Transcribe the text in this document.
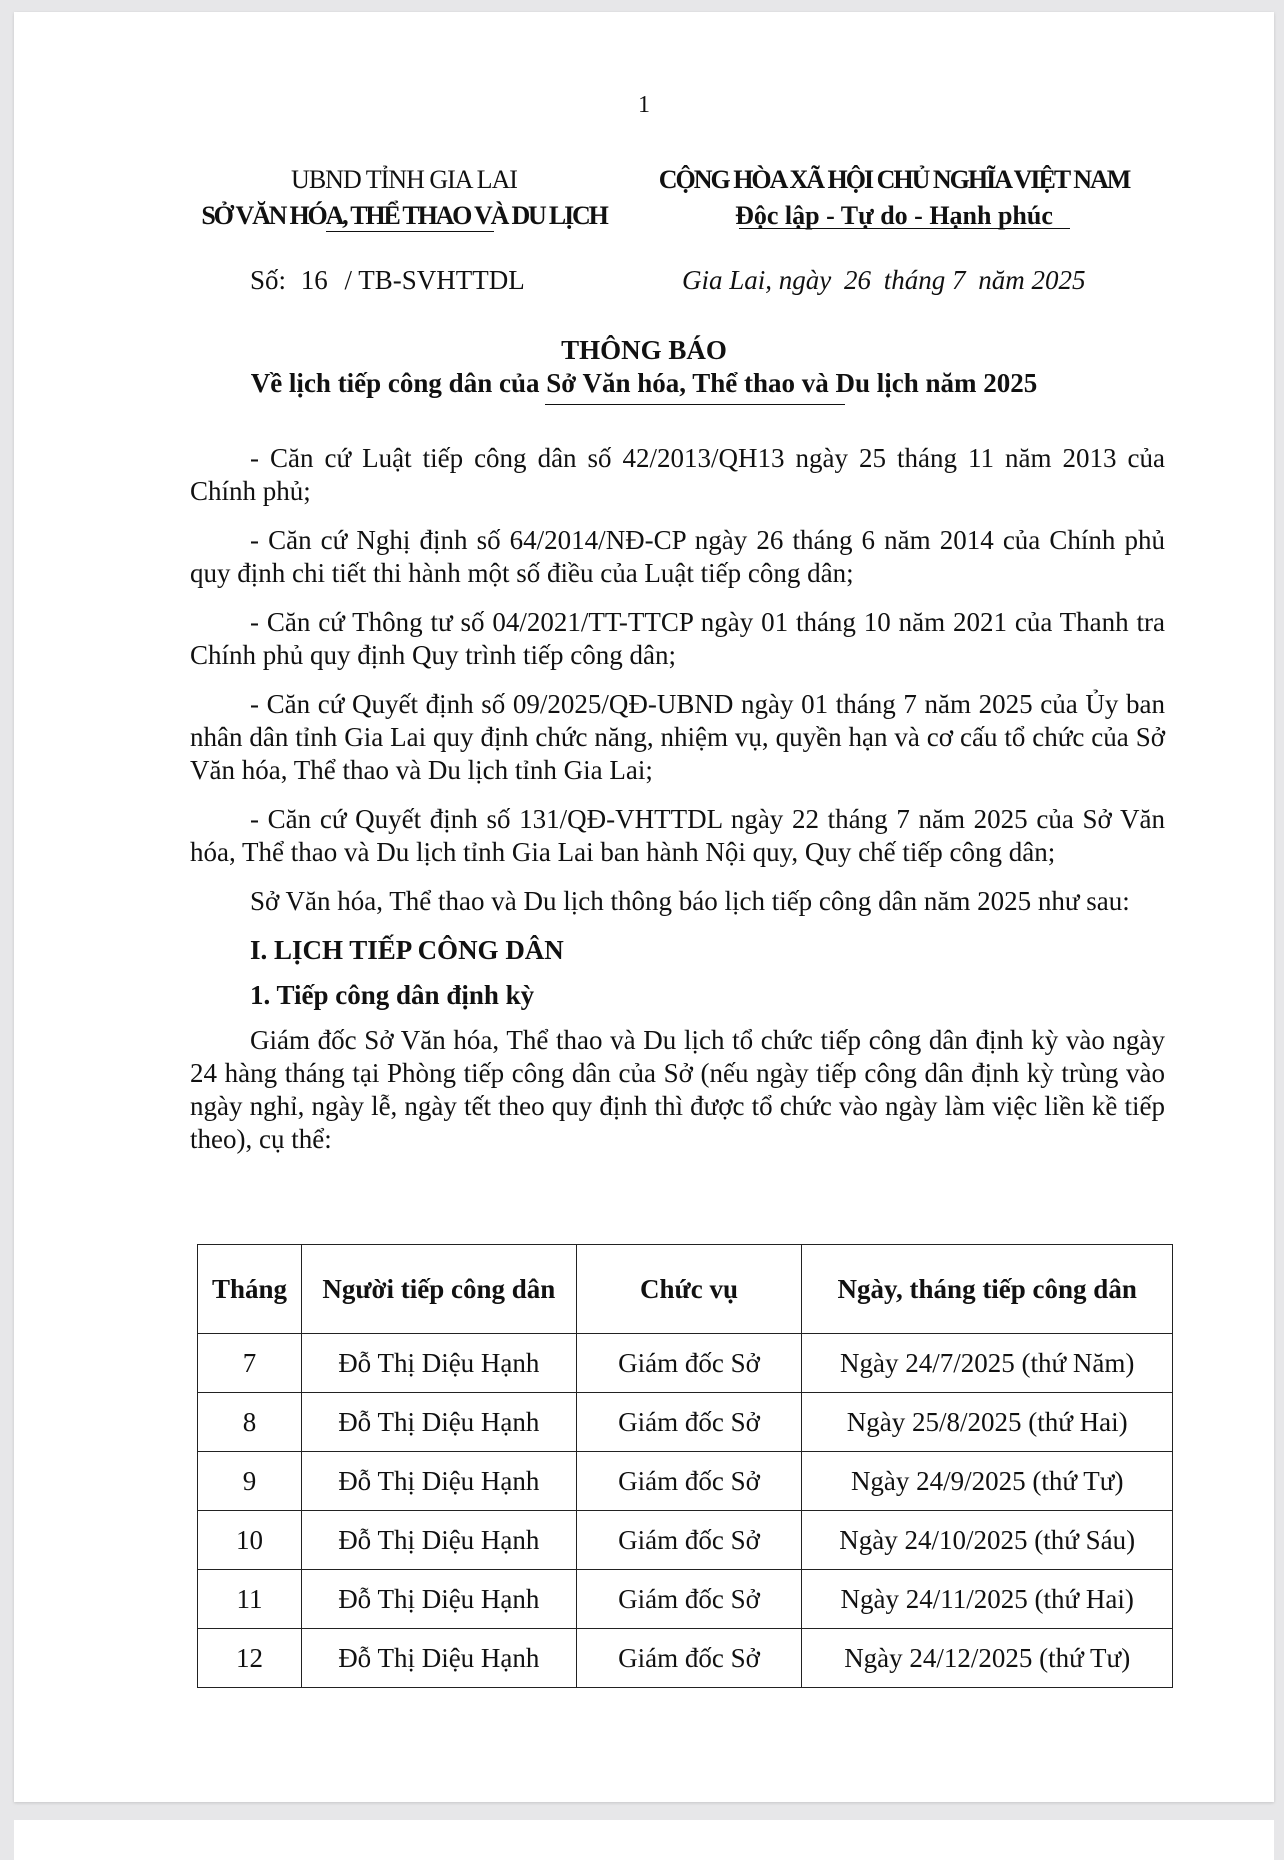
1
UBND TỈNH GIA LAI
SỞ VĂN HÓA, THỂ THAO VÀ DU LỊCH
CỘNG HÒA XÃ HỘI CHỦ NGHĨA VIỆT NAM
Độc lập - Tự do - Hạnh phúc
Số: 16 / TB-SVHTTDL	Gia Lai, ngày 26 tháng 7 năm 2025
THÔNG BÁO
Về lịch tiếp công dân của Sở Văn hóa, Thể thao và Du lịch năm 2025

- Căn cứ Luật tiếp công dân số 42/2013/QH13 ngày 25 tháng 11 năm 2013 của Chính phủ;

- Căn cứ Nghị định số 64/2014/NĐ-CP ngày 26 tháng 6 năm 2014 của Chính phủ quy định chi tiết thi hành một số điều của Luật tiếp công dân;

- Căn cứ Thông tư số 04/2021/TT-TTCP ngày 01 tháng 10 năm 2021 của Thanh tra Chính phủ quy định Quy trình tiếp công dân;

- Căn cứ Quyết định số 09/2025/QĐ-UBND ngày 01 tháng 7 năm 2025 của Ủy ban nhân dân tỉnh Gia Lai quy định chức năng, nhiệm vụ, quyền hạn và cơ cấu tổ chức của Sở Văn hóa, Thể thao và Du lịch tỉnh Gia Lai;

- Căn cứ Quyết định số 131/QĐ-VHTTDL ngày 22 tháng 7 năm 2025 của Sở Văn hóa, Thể thao và Du lịch tỉnh Gia Lai ban hành Nội quy, Quy chế tiếp công dân;

Sở Văn hóa, Thể thao và Du lịch thông báo lịch tiếp công dân năm 2025 như sau:

I. LỊCH TIẾP CÔNG DÂN

1. Tiếp công dân định kỳ

Giám đốc Sở Văn hóa, Thể thao và Du lịch tổ chức tiếp công dân định kỳ vào ngày 24 hàng tháng tại Phòng tiếp công dân của Sở (nếu ngày tiếp công dân định kỳ trùng vào ngày nghỉ, ngày lễ, ngày tết theo quy định thì được tổ chức vào ngày làm việc liền kề tiếp theo), cụ thể:

Tháng	Người tiếp công dân	Chức vụ	Ngày, tháng tiếp công dân
7	Đỗ Thị Diệu Hạnh	Giám đốc Sở	Ngày 24/7/2025 (thứ Năm)
8	Đỗ Thị Diệu Hạnh	Giám đốc Sở	Ngày 25/8/2025 (thứ Hai)
9	Đỗ Thị Diệu Hạnh	Giám đốc Sở	Ngày 24/9/2025 (thứ Tư)
10	Đỗ Thị Diệu Hạnh	Giám đốc Sở	Ngày 24/10/2025 (thứ Sáu)
11	Đỗ Thị Diệu Hạnh	Giám đốc Sở	Ngày 24/11/2025 (thứ Hai)
12	Đỗ Thị Diệu Hạnh	Giám đốc Sở	Ngày 24/12/2025 (thứ Tư)
